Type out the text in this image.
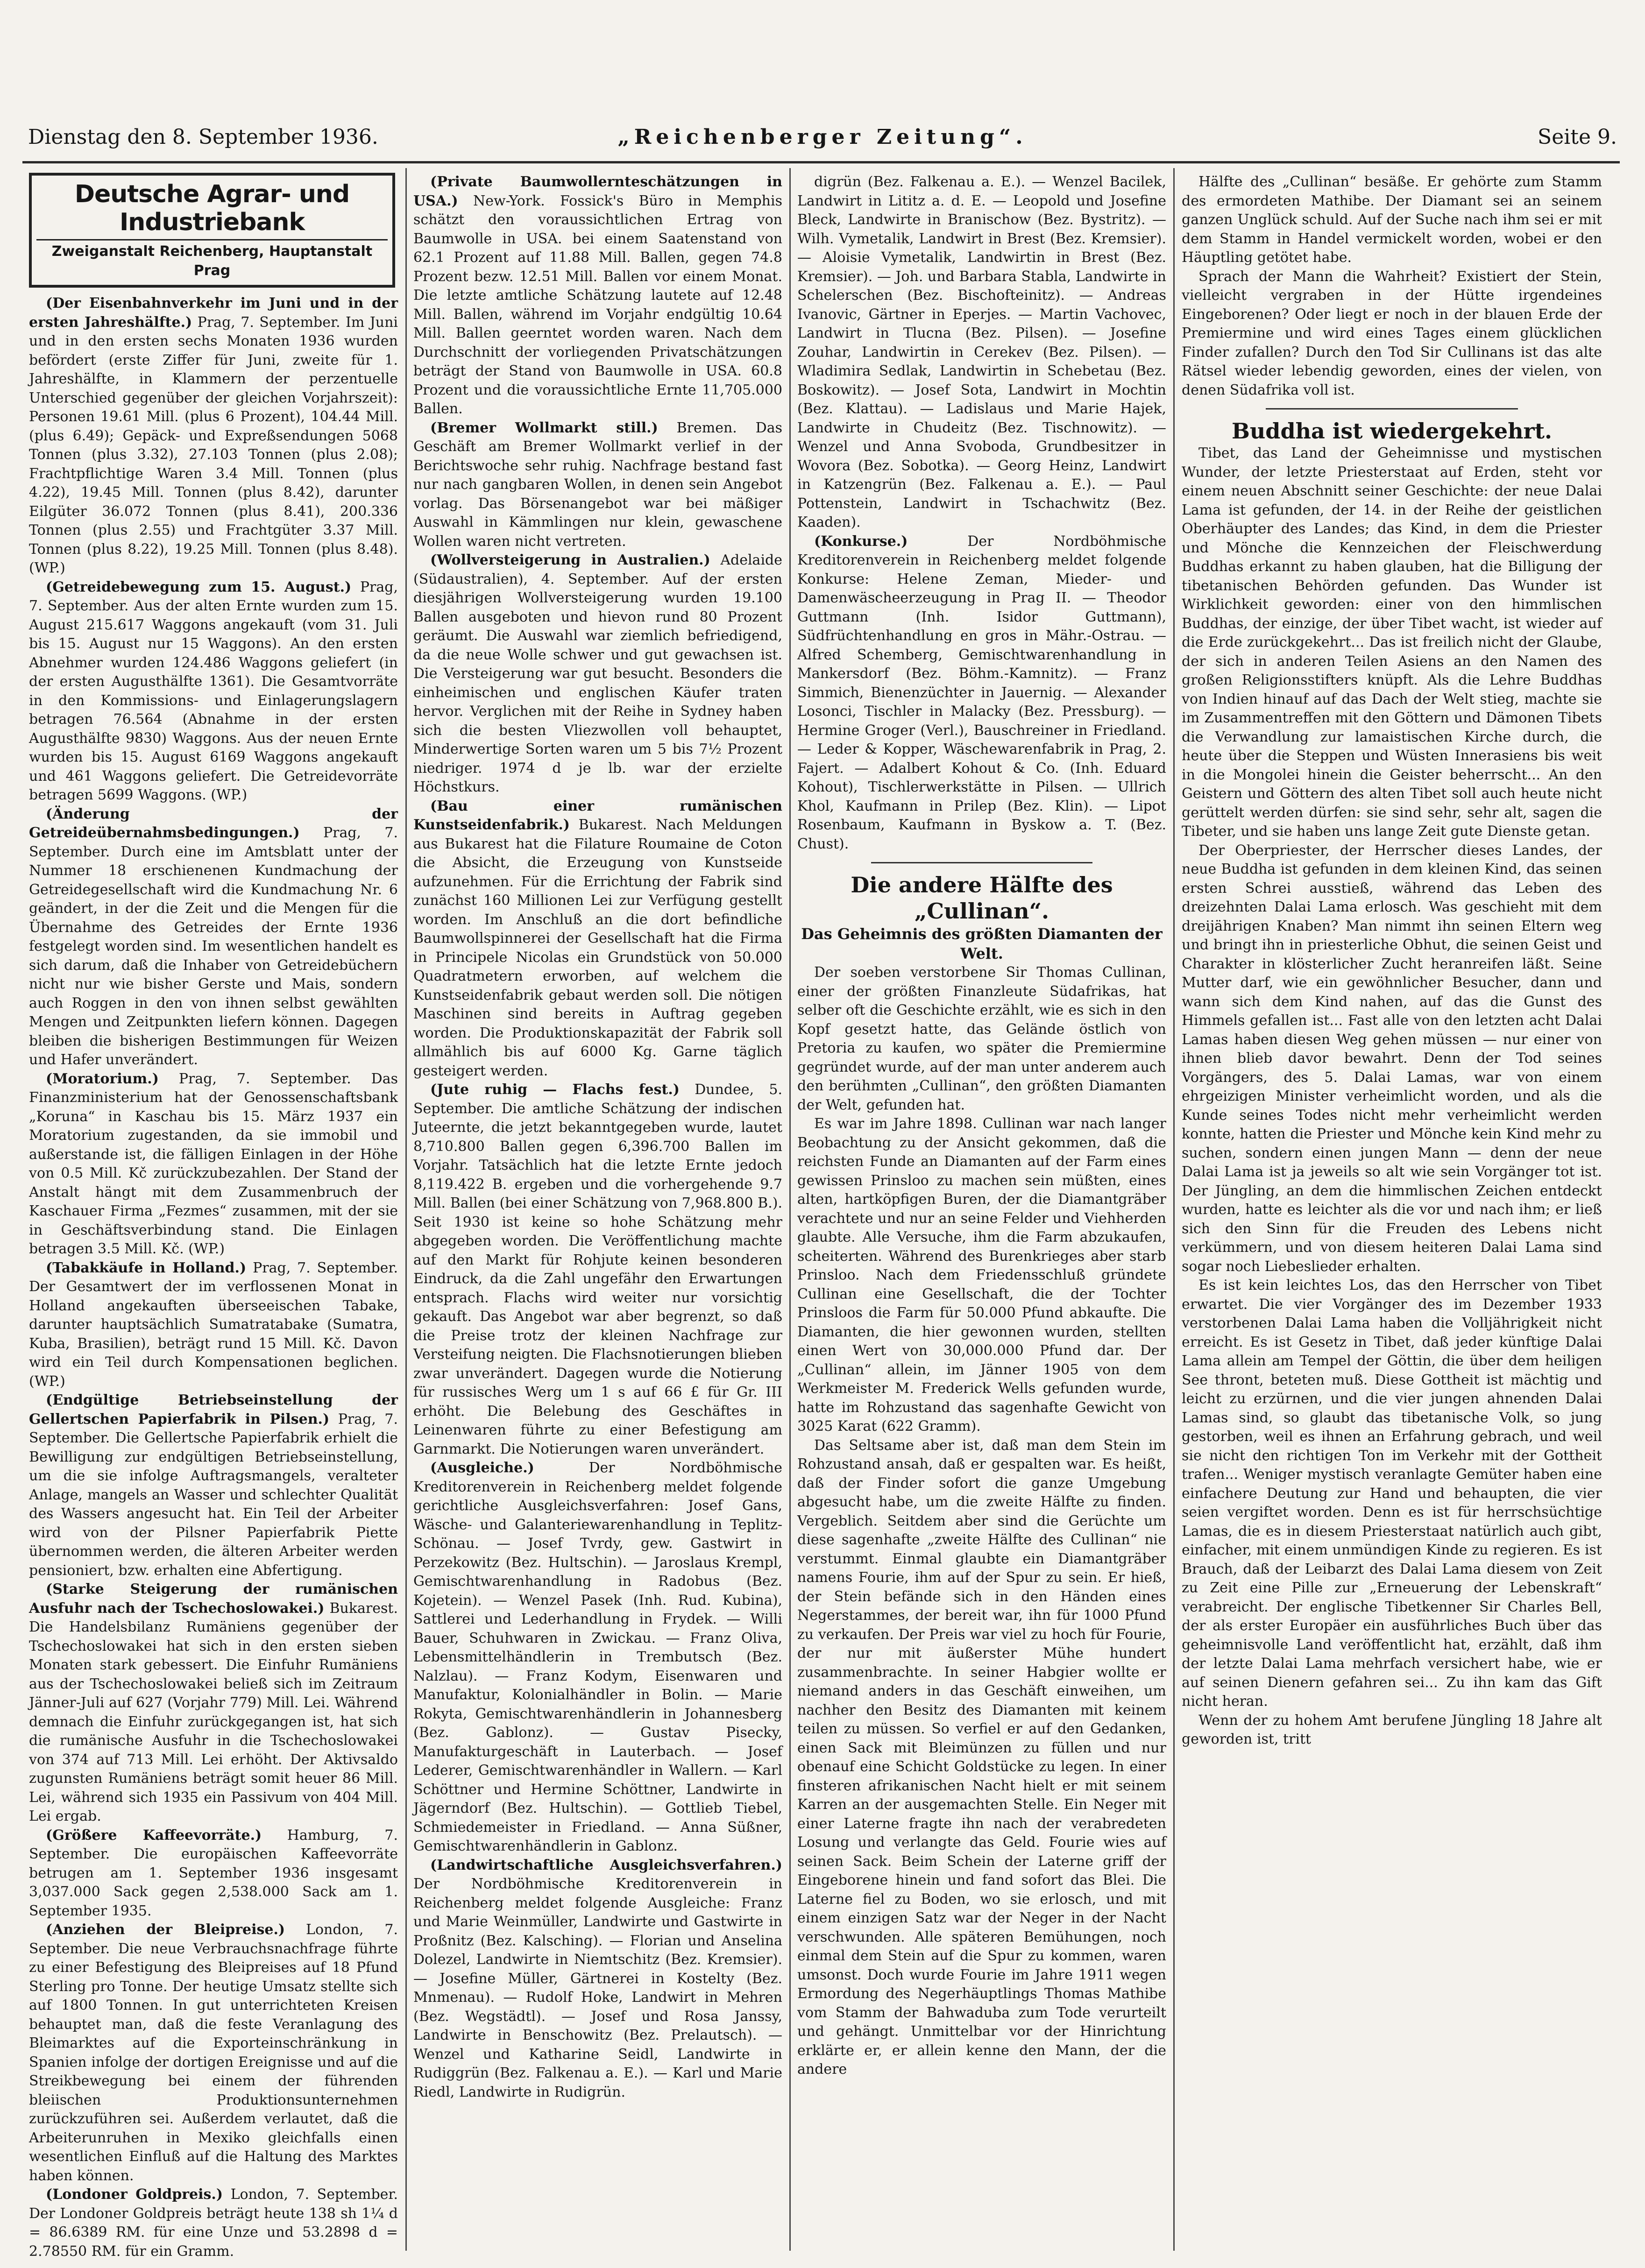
Dienstag den 8. September 1936.	„Reichenberger Zeitung“.	Seite 9.
Deutsche Agrar- und Industriebank
Zweiganstalt Reichenberg, Hauptanstalt Prag

(Der Eisenbahnverkehr im Juni und in der ersten Jahreshälfte.) Prag, 7. September. Im Juni und in den ersten sechs Monaten 1936 wurden befördert (erste Ziffer für Juni, zweite für 1. Jahreshälfte, in Klammern der perzentuelle Unterschied gegenüber der gleichen Vorjahrszeit): Personen 19.61 Mill. (plus 6 Prozent), 104.44 Mill. (plus 6.49); Gepäck- und Expreßsendungen 5068 Tonnen (plus 3.32), 27.103 Tonnen (plus 2.08); Frachtpflichtige Waren 3.4 Mill. Tonnen (plus 4.22), 19.45 Mill. Tonnen (plus 8.42), darunter Eilgüter 36.072 Tonnen (plus 8.41), 200.336 Tonnen (plus 2.55) und Frachtgüter 3.37 Mill. Tonnen (plus 8.22), 19.25 Mill. Tonnen (plus 8.48). (WP.)

(Getreidebewegung zum 15. August.) Prag, 7. September. Aus der alten Ernte wurden zum 15. August 215.617 Waggons angekauft (vom 31. Juli bis 15. August nur 15 Waggons). An den ersten Abnehmer wurden 124.486 Waggons geliefert (in der ersten Augusthälfte 1361). Die Gesamtvorräte in den Kommissions- und Einlagerungslagern betragen 76.564 (Abnahme in der ersten Augusthälfte 9830) Waggons. Aus der neuen Ernte wurden bis 15. August 6169 Waggons angekauft und 461 Waggons geliefert. Die Getreidevorräte betragen 5699 Waggons. (WP.)

(Änderung der Getreideübernahmsbedingungen.) Prag, 7. September. Durch eine im Amtsblatt unter der Nummer 18 erschienenen Kundmachung der Getreidegesellschaft wird die Kundmachung Nr. 6 geändert, in der die Zeit und die Mengen für die Übernahme des Getreides der Ernte 1936 festgelegt worden sind. Im wesentlichen handelt es sich darum, daß die Inhaber von Getreidebüchern nicht nur wie bisher Gerste und Mais, sondern auch Roggen in den von ihnen selbst gewählten Mengen und Zeitpunkten liefern können. Dagegen bleiben die bisherigen Bestimmungen für Weizen und Hafer unverändert.

(Moratorium.) Prag, 7. September. Das Finanzministerium hat der Genossenschaftsbank „Koruna“ in Kaschau bis 15. März 1937 ein Moratorium zugestanden, da sie immobil und außerstande ist, die fälligen Einlagen in der Höhe von 0.5 Mill. Kč zurückzubezahlen. Der Stand der Anstalt hängt mit dem Zusammenbruch der Kaschauer Firma „Fezmes“ zusammen, mit der sie in Geschäftsverbindung stand. Die Einlagen betragen 3.5 Mill. Kč. (WP.)

(Tabakkäufe in Holland.) Prag, 7. September. Der Gesamtwert der im verflossenen Monat in Holland angekauften überseeischen Tabake, darunter hauptsächlich Sumatratabake (Sumatra, Kuba, Brasilien), beträgt rund 15 Mill. Kč. Davon wird ein Teil durch Kompensationen beglichen. (WP.)

(Endgültige Betriebseinstellung der Gellertschen Papierfabrik in Pilsen.) Prag, 7. September. Die Gellertsche Papierfabrik erhielt die Bewilligung zur endgültigen Betriebseinstellung, um die sie infolge Auftragsmangels, veralteter Anlage, mangels an Wasser und schlechter Qualität des Wassers angesucht hat. Ein Teil der Arbeiter wird von der Pilsner Papierfabrik Piette übernommen werden, die älteren Arbeiter werden pensioniert, bzw. erhalten eine Abfertigung.

(Starke Steigerung der rumänischen Ausfuhr nach der Tschechoslowakei.) Bukarest. Die Handelsbilanz Rumäniens gegenüber der Tschechoslowakei hat sich in den ersten sieben Monaten stark gebessert. Die Einfuhr Rumäniens aus der Tschechoslowakei beließ sich im Zeitraum Jänner-Juli auf 627 (Vorjahr 779) Mill. Lei. Während demnach die Einfuhr zurückgegangen ist, hat sich die rumänische Ausfuhr in die Tschechoslowakei von 374 auf 713 Mill. Lei erhöht. Der Aktivsaldo zugunsten Rumäniens beträgt somit heuer 86 Mill. Lei, während sich 1935 ein Passivum von 404 Mill. Lei ergab.

(Größere Kaffeevorräte.) Hamburg, 7. September. Die europäischen Kaffeevorräte betrugen am 1. September 1936 insgesamt 3,037.000 Sack gegen 2,538.000 Sack am 1. September 1935.

(Anziehen der Bleipreise.) London, 7. September. Die neue Verbrauchsnachfrage führte zu einer Befestigung des Bleipreises auf 18 Pfund Sterling pro Tonne. Der heutige Umsatz stellte sich auf 1800 Tonnen. In gut unterrichteten Kreisen behauptet man, daß die feste Veranlagung des Bleimarktes auf die Exporteinschränkung in Spanien infolge der dortigen Ereignisse und auf die Streikbewegung bei einem der führenden bleiischen Produktionsunternehmen zurückzuführen sei. Außerdem verlautet, daß die Arbeiterunruhen in Mexiko gleichfalls einen wesentlichen Einfluß auf die Haltung des Marktes haben können.

(Londoner Goldpreis.) London, 7. September. Der Londoner Goldpreis beträgt heute 138 sh 1¼ d = 86.6389 RM. für eine Unze und 53.2898 d = 2.78550 RM. für ein Gramm.

(Private Baumwollernteschätzungen in USA.) New-York. Fossick's Büro in Memphis schätzt den voraussichtlichen Ertrag von Baumwolle in USA. bei einem Saatenstand von 62.1 Prozent auf 11.88 Mill. Ballen, gegen 74.8 Prozent bezw. 12.51 Mill. Ballen vor einem Monat. Die letzte amtliche Schätzung lautete auf 12.48 Mill. Ballen, während im Vorjahr endgültig 10.64 Mill. Ballen geerntet worden waren. Nach dem Durchschnitt der vorliegenden Privatschätzungen beträgt der Stand von Baumwolle in USA. 60.8 Prozent und die voraussichtliche Ernte 11,705.000 Ballen.

(Bremer Wollmarkt still.) Bremen. Das Geschäft am Bremer Wollmarkt verlief in der Berichtswoche sehr ruhig. Nachfrage bestand fast nur nach gangbaren Wollen, in denen sein Angebot vorlag. Das Börsenangebot war bei mäßiger Auswahl in Kämmlingen nur klein, gewaschene Wollen waren nicht vertreten.

(Wollversteigerung in Australien.) Adelaide (Südaustralien), 4. September. Auf der ersten diesjährigen Wollversteigerung wurden 19.100 Ballen ausgeboten und hievon rund 80 Prozent geräumt. Die Auswahl war ziemlich befriedigend, da die neue Wolle schwer und gut gewachsen ist. Die Versteigerung war gut besucht. Besonders die einheimischen und englischen Käufer traten hervor. Verglichen mit der Reihe in Sydney haben sich die besten Vliezwollen voll behauptet, Minderwertige Sorten waren um 5 bis 7½ Prozent niedriger. 1974 d je lb. war der erzielte Höchstkurs.

(Bau einer rumänischen Kunstseidenfabrik.) Bukarest. Nach Meldungen aus Bukarest hat die Filature Roumaine de Coton die Absicht, die Erzeugung von Kunstseide aufzunehmen. Für die Errichtung der Fabrik sind zunächst 160 Millionen Lei zur Verfügung gestellt worden. Im Anschluß an die dort befindliche Baumwollspinnerei der Gesellschaft hat die Firma in Principele Nicolas ein Grundstück von 50.000 Quadratmetern erworben, auf welchem die Kunstseidenfabrik gebaut werden soll. Die nötigen Maschinen sind bereits in Auftrag gegeben worden. Die Produktionskapazität der Fabrik soll allmählich bis auf 6000 Kg. Garne täglich gesteigert werden.

(Jute ruhig — Flachs fest.) Dundee, 5. September. Die amtliche Schätzung der indischen Juteernte, die jetzt bekanntgegeben wurde, lautet 8,710.800 Ballen gegen 6,396.700 Ballen im Vorjahr. Tatsächlich hat die letzte Ernte jedoch 8,119.422 B. ergeben und die vorhergehende 9.7 Mill. Ballen (bei einer Schätzung von 7,968.800 B.). Seit 1930 ist keine so hohe Schätzung mehr abgegeben worden. Die Veröffentlichung machte auf den Markt für Rohjute keinen besonderen Eindruck, da die Zahl ungefähr den Erwartungen entsprach. Flachs wird weiter nur vorsichtig gekauft. Das Angebot war aber begrenzt, so daß die Preise trotz der kleinen Nachfrage zur Versteifung neigten. Die Flachsnotierungen blieben zwar unverändert. Dagegen wurde die Notierung für russisches Werg um 1 s auf 66 £ für Gr. III erhöht. Die Belebung des Geschäftes in Leinenwaren führte zu einer Befestigung am Garnmarkt. Die Notierungen waren unverändert.

(Ausgleiche.)	Der Nordböhmische Kreditorenverein in Reichenberg meldet folgende gerichtliche Ausgleichsverfahren: Josef Gans, Wäsche- und Galanteriewarenhandlung in Teplitz-Schönau. — Josef Tvrdy, gew. Gastwirt in Perzekowitz (Bez. Hultschin). — Jaroslaus Krempl, Gemischtwarenhandlung in Radobus (Bez. Kojetein). — Wenzel Pasek (Inh. Rud. Kubina), Sattlerei und Lederhandlung in Frydek. — Willi Bauer, Schuhwaren in Zwickau. — Franz Oliva, Lebensmittelhändlerin in Trembutsch (Bez. Nalzlau). — Franz Kodym, Eisenwaren und Manufaktur, Kolonialhändler in Bolin. — Marie Rokyta, Gemischtwarenhändlerin in Johannesberg (Bez. Gablonz). — Gustav Pisecky, Manufakturgeschäft in Lauterbach. — Josef Lederer, Gemischtwarenhändler in Wallern. — Karl Schöttner und Hermine Schöttner, Landwirte in Jägerndorf (Bez. Hultschin). — Gottlieb Tiebel, Schmiedemeister in Friedland. — Anna Süßner, Gemischtwarenhändlerin in Gablonz.

(Landwirtschaftliche Ausgleichsverfahren.) Der Nordböhmische Kreditorenverein in Reichenberg meldet folgende Ausgleiche: Franz und Marie Weinmüller, Landwirte und Gastwirte in Proßnitz (Bez. Kalsching). — Florian und Anselina Dolezel, Landwirte in Niemtschitz (Bez. Kremsier). — Josefine Müller, Gärtnerei in Kostelty (Bez. Mnmenau). — Rudolf Hoke, Landwirt in Mehren (Bez. Wegstädtl). — Josef und Rosa Janssy, Landwirte in Benschowitz (Bez. Prelautsch). — Wenzel und Katharine Seidl, Landwirte in Rudiggrün (Bez. Falkenau a. E.). — Karl und Marie Riedl, Landwirte in Rudigrün.

digrün (Bez. Falkenau a. E.). — Wenzel Bacilek, Landwirt in Lititz a. d. E. — Leopold und Josefine Bleck, Landwirte in Branischow (Bez. Bystritz). — Wilh. Vymetalik, Landwirt in Brest (Bez. Kremsier). — Aloisie Vymetalik, Landwirtin in Brest (Bez. Kremsier). — Joh. und Barbara Stabla, Landwirte in Schelerschen (Bez. Bischofteinitz). — Andreas Ivanovic, Gärtner in Eperjes. — Martin Vachovec, Landwirt in Tlucna (Bez. Pilsen). — Josefine Zouhar, Landwirtin in Cerekev (Bez. Pilsen). — Wladimira Sedlak, Landwirtin in Schebetau (Bez. Boskowitz). — Josef Sota, Landwirt in Mochtin (Bez. Klattau). — Ladislaus und Marie Hajek, Landwirte in Chudeitz (Bez. Tischnowitz). — Wenzel und Anna Svoboda, Grundbesitzer in Wovora (Bez. Sobotka). — Georg Heinz, Landwirt in Katzengrün (Bez. Falkenau a. E.). — Paul Pottenstein, Landwirt in Tschachwitz (Bez. Kaaden).

(Konkurse.)	Der Nordböhmische Kreditorenverein in Reichenberg meldet folgende Konkurse: Helene Zeman, Mieder- und Damenwäscheerzeugung in Prag II. — Theodor Guttmann (Inh. Isidor Guttmann), Südfrüchtenhandlung en gros in Mähr.-Ostrau. — Alfred Schemberg, Gemischtwarenhandlung in Mankersdorf (Bez. Böhm.-Kamnitz). — Franz Simmich, Bienenzüchter in Jauernig. — Alexander Losonci, Tischler in Malacky (Bez. Pressburg). — Hermine Groger (Verl.), Bauschreiner in Friedland. — Leder & Kopper, Wäschewarenfabrik in Prag, 2. Fajert. — Adalbert Kohout & Co. (Inh. Eduard Kohout), Tischlerwerkstätte in Pilsen. — Ullrich Khol, Kaufmann in Prilep (Bez. Klin). — Lipot Rosenbaum, Kaufmann in Byskow a. T. (Bez. Chust).

Die andere Hälfte des „Cullinan“.

Das Geheimnis des größten Diamanten der Welt.

Der soeben verstorbene Sir Thomas Cullinan, einer der größten Finanzleute Südafrikas, hat selber oft die Geschichte erzählt, wie es sich in den Kopf gesetzt hatte, das Gelände östlich von Pretoria zu kaufen, wo später die Premiermine gegründet wurde, auf der man unter anderem auch den berühmten „Cullinan“, den größten Diamanten der Welt, gefunden hat.

Es war im Jahre 1898. Cullinan war nach langer Beobachtung zu der Ansicht gekommen, daß die reichsten Funde an Diamanten auf der Farm eines gewissen Prinsloo zu machen sein müßten, eines alten, hartköpfigen Buren, der die Diamantgräber verachtete und nur an seine Felder und Viehherden glaubte. Alle Versuche, ihm die Farm abzukaufen, scheiterten. Während des Burenkrieges aber starb Prinsloo. Nach dem Friedensschluß gründete Cullinan eine Gesellschaft, die der Tochter Prinsloos die Farm für 50.000 Pfund abkaufte. Die Diamanten, die hier gewonnen wurden, stellten einen Wert von 30,000.000 Pfund dar. Der „Cullinan“ allein, im Jänner 1905 von dem Werkmeister M. Frederick Wells gefunden wurde, hatte im Rohzustand das sagenhafte Gewicht von 3025 Karat (622 Gramm).

Das Seltsame aber ist, daß man dem Stein im Rohzustand ansah, daß er gespalten war. Es heißt, daß der Finder sofort die ganze Umgebung abgesucht habe, um die zweite Hälfte zu finden. Vergeblich. Seitdem aber sind die Gerüchte um diese sagenhafte „zweite Hälfte des Cullinan“ nie verstummt. Einmal glaubte ein Diamantgräber namens Fourie, ihm auf der Spur zu sein. Er hieß, der Stein befände sich in den Händen eines Negerstammes, der bereit war, ihn für 1000 Pfund zu verkaufen. Der Preis war viel zu hoch für Fourie, der nur mit äußerster Mühe hundert zusammenbrachte. In seiner Habgier wollte er niemand anders in das Geschäft einweihen, um nachher den Besitz des Diamanten mit keinem teilen zu müssen. So verfiel er auf den Gedanken, einen Sack mit Bleimünzen zu füllen und nur obenauf eine Schicht Goldstücke zu legen. In einer finsteren afrikanischen Nacht hielt er mit seinem Karren an der ausgemachten Stelle. Ein Neger mit einer Laterne fragte ihn nach der verabredeten Losung und verlangte das Geld. Fourie wies auf seinen Sack. Beim Schein der Laterne griff der Eingeborene hinein und fand sofort das Blei. Die Laterne fiel zu Boden, wo sie erlosch, und mit einem einzigen Satz war der Neger in der Nacht verschwunden. Alle späteren Bemühungen, noch einmal dem Stein auf die Spur zu kommen, waren umsonst. Doch wurde Fourie im Jahre 1911 wegen Ermordung des Negerhäuptlings Thomas Mathibe vom Stamm der Bahwaduba zum Tode verurteilt und gehängt. Unmittelbar vor der Hinrichtung erklärte er, er allein kenne den Mann, der die andere

Hälfte des „Cullinan“ besäße. Er gehörte zum Stamm des ermordeten Mathibe. Der Diamant sei an seinem ganzen Unglück schuld. Auf der Suche nach ihm sei er mit dem Stamm in Handel vermickelt worden, wobei er den Häuptling getötet habe.

Sprach der Mann die Wahrheit? Existiert der Stein, vielleicht vergraben in der Hütte irgendeines Eingeborenen? Oder liegt er noch in der blauen Erde der Premiermine und wird eines Tages einem glücklichen Finder zufallen? Durch den Tod Sir Cullinans ist das alte Rätsel wieder lebendig geworden, eines der vielen, von denen Südafrika voll ist.

Buddha ist wiedergekehrt.

Tibet, das Land der Geheimnisse und mystischen Wunder, der letzte Priesterstaat auf Erden, steht vor einem neuen Abschnitt seiner Geschichte: der neue Dalai Lama ist gefunden, der 14. in der Reihe der geistlichen Oberhäupter des Landes; das Kind, in dem die Priester und Mönche die Kennzeichen der Fleischwerdung Buddhas erkannt zu haben glauben, hat die Billigung der tibetanischen Behörden gefunden. Das Wunder ist Wirklichkeit geworden: einer von den himmlischen Buddhas, der einzige, der über Tibet wacht, ist wieder auf die Erde zurückgekehrt... Das ist freilich nicht der Glaube, der sich in anderen Teilen Asiens an den Namen des großen Religionsstifters knüpft. Als die Lehre Buddhas von Indien hinauf auf das Dach der Welt stieg, machte sie im Zusammentreffen mit den Göttern und Dämonen Tibets die Verwandlung zur lamaistischen Kirche durch, die heute über die Steppen und Wüsten Innerasiens bis weit in die Mongolei hinein die Geister beherrscht... An den Geistern und Göttern des alten Tibet soll auch heute nicht gerüttelt werden dürfen: sie sind sehr, sehr alt, sagen die Tibeter, und sie haben uns lange Zeit gute Dienste getan.

Der Oberpriester, der Herrscher dieses Landes, der neue Buddha ist gefunden in dem kleinen Kind, das seinen ersten Schrei ausstieß, während das Leben des dreizehnten Dalai Lama erlosch. Was geschieht mit dem dreijährigen Knaben? Man nimmt ihn seinen Eltern weg und bringt ihn in priesterliche Obhut, die seinen Geist und Charakter in klösterlicher Zucht heranreifen läßt. Seine Mutter darf, wie ein gewöhnlicher Besucher, dann und wann sich dem Kind nahen, auf das die Gunst des Himmels gefallen ist... Fast alle von den letzten acht Dalai Lamas haben diesen Weg gehen müssen — nur einer von ihnen blieb davor bewahrt. Denn der Tod seines Vorgängers, des 5. Dalai Lamas, war von einem ehrgeizigen Minister verheimlicht worden, und als die Kunde seines Todes nicht mehr verheimlicht werden konnte, hatten die Priester und Mönche kein Kind mehr zu suchen, sondern einen jungen Mann — denn der neue Dalai Lama ist ja jeweils so alt wie sein Vorgänger tot ist. Der Jüngling, an dem die himmlischen Zeichen entdeckt wurden, hatte es leichter als die vor und nach ihm; er ließ sich den Sinn für die Freuden des Lebens nicht verkümmern, und von diesem heiteren Dalai Lama sind sogar noch Liebeslieder erhalten.

Es ist kein leichtes Los, das den Herrscher von Tibet erwartet. Die vier Vorgänger des im Dezember 1933 verstorbenen Dalai Lama haben die Volljährigkeit nicht erreicht. Es ist Gesetz in Tibet, daß jeder künftige Dalai Lama allein am Tempel der Göttin, die über dem heiligen See thront, beteten muß. Diese Gottheit ist mächtig und leicht zu erzürnen, und die vier jungen ahnenden Dalai Lamas sind, so glaubt das tibetanische Volk, so jung gestorben, weil es ihnen an Erfahrung gebrach, und weil sie nicht den richtigen Ton im Verkehr mit der Gottheit trafen... Weniger mystisch veranlagte Gemüter haben eine einfachere Deutung zur Hand und behaupten, die vier seien vergiftet worden. Denn es ist für herrschsüchtige Lamas, die es in diesem Priesterstaat natürlich auch gibt, einfacher, mit einem unmündigen Kinde zu regieren. Es ist Brauch, daß der Leibarzt des Dalai Lama diesem von Zeit zu Zeit eine Pille zur „Erneuerung der Lebenskraft“ verabreicht. Der englische Tibetkenner Sir Charles Bell, der als erster Europäer ein ausführliches Buch über das geheimnisvolle Land veröffentlicht hat, erzählt, daß ihm der letzte Dalai Lama mehrfach versichert habe, wie er auf seinen Dienern gefahren sei... Zu ihn kam das Gift nicht heran.

Wenn der zu hohem Amt berufene Jüngling 18 Jahre alt geworden ist, tritt
